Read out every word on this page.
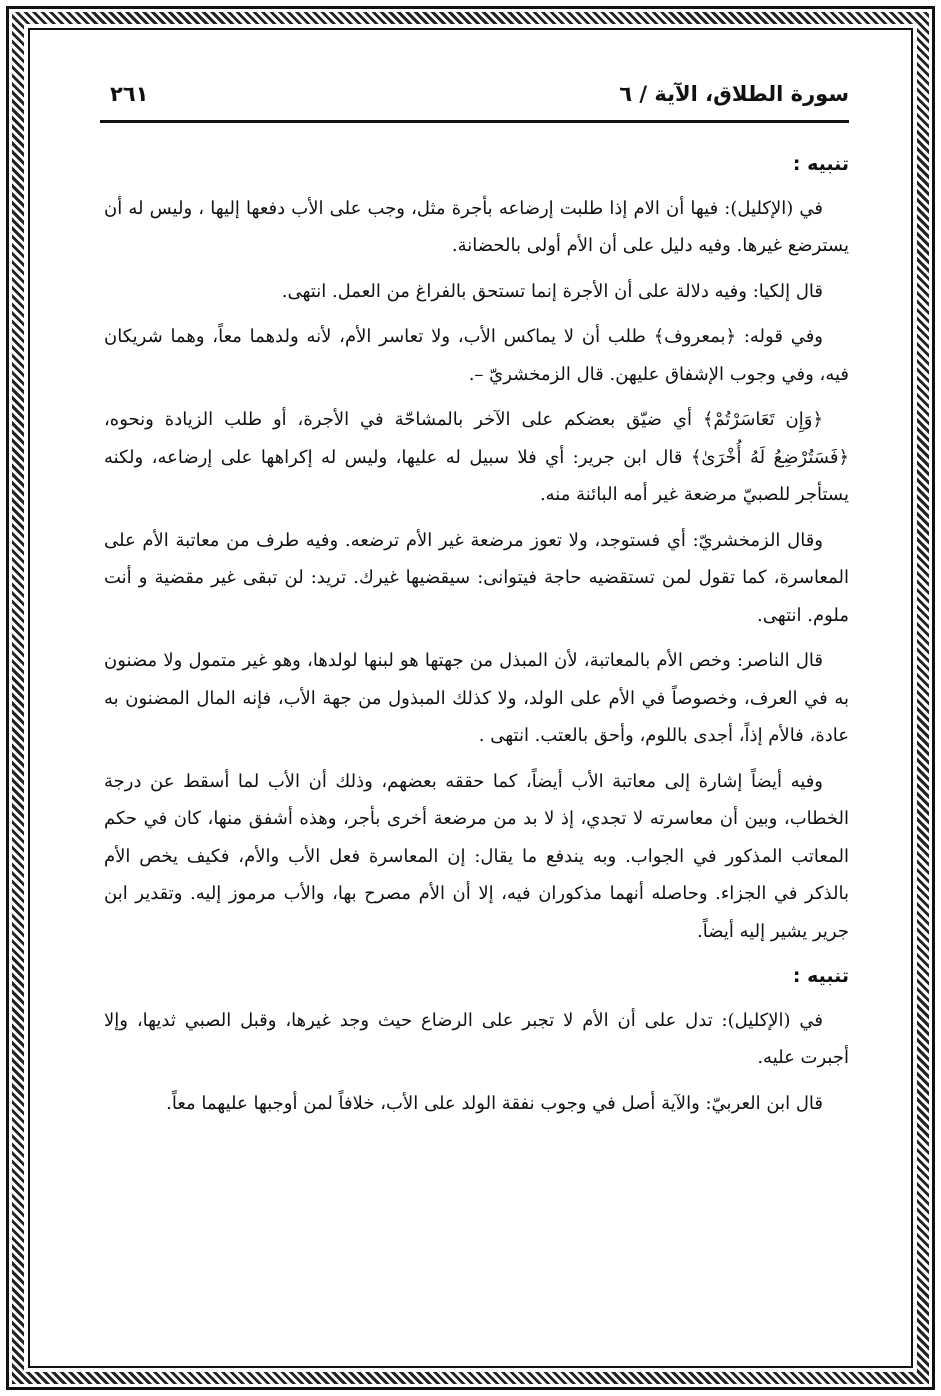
سورة الطلاق، الآية / ٦
٢٦١
تنبيه :

في (الإكليل): فيها أن الام إذا طلبت إرضاعه بأجرة مثل، وجب على الأب دفعها إليها ، وليس له أن يسترضع غيرها. وفيه دليل على أن الأم أولى بالحضانة.

قال إلكيا: وفيه دلالة على أن الأجرة إنما تستحق بالفراغ من العمل. انتهى.

وفي قوله: ﴿بمعروف﴾ طلب أن لا يماكس الأب، ولا تعاسر الأم، لأنه ولدهما معاً، وهما شريكان فيه، وفي وجوب الإشفاق عليهن. قال الزمخشريّ –.

﴿وَإِن تَعَاسَرْتُمْ﴾ أي ضيّق بعضكم على الآخر بالمشاحّة في الأجرة، أو طلب الزيادة ونحوه، ﴿فَسَتُرْضِعُ لَهُ أُخْرَىٰ﴾ قال ابن جرير: أي فلا سبيل له عليها، وليس له إكراهها على إرضاعه، ولكنه يستأجر للصبيّ مرضعة غير أمه البائنة منه.

وقال الزمخشريّ: أي فستوجد، ولا تعوز مرضعة غير الأم ترضعه. وفيه طرف من معاتبة الأم على المعاسرة، كما تقول لمن تستقضيه حاجة فيتوانى: سيقضيها غيرك. تريد: لن تبقى غير مقضية و أنت ملوم. انتهى.

قال الناصر: وخص الأم بالمعاتبة، لأن المبذل من جهتها هو لبنها لولدها، وهو غير متمول ولا مضنون به في العرف، وخصوصاً في الأم على الولد، ولا كذلك المبذول من جهة الأب، فإنه المال المضنون به عادة، فالأم إذاً، أجدى باللوم، وأحق بالعتب. انتهى .

وفيه أيضاً إشارة إلى معاتبة الأب أيضاً، كما حققه بعضهم، وذلك أن الأب لما أسقط عن درجة الخطاب، وبين أن معاسرته لا تجدي، إذ لا بد من مرضعة أخرى بأجر، وهذه أشفق منها، كان في حكم المعاتب المذكور في الجواب. وبه يندفع ما يقال: إن المعاسرة فعل الأب والأم، فكيف يخص الأم بالذكر في الجزاء. وحاصله أنهما مذكوران فيه، إلا أن الأم مصرح بها، والأب مرموز إليه. وتقدير ابن جرير يشير إليه أيضاً.

تنبيه :

في (الإكليل): تدل على أن الأم لا تجبر على الرضاع حيث وجد غيرها، وقبل الصبي ثديها، وإلا أجبرت عليه.

قال ابن العربيّ: والآية أصل في وجوب نفقة الولد على الأب، خلافاً لمن أوجبها عليهما معاً.
